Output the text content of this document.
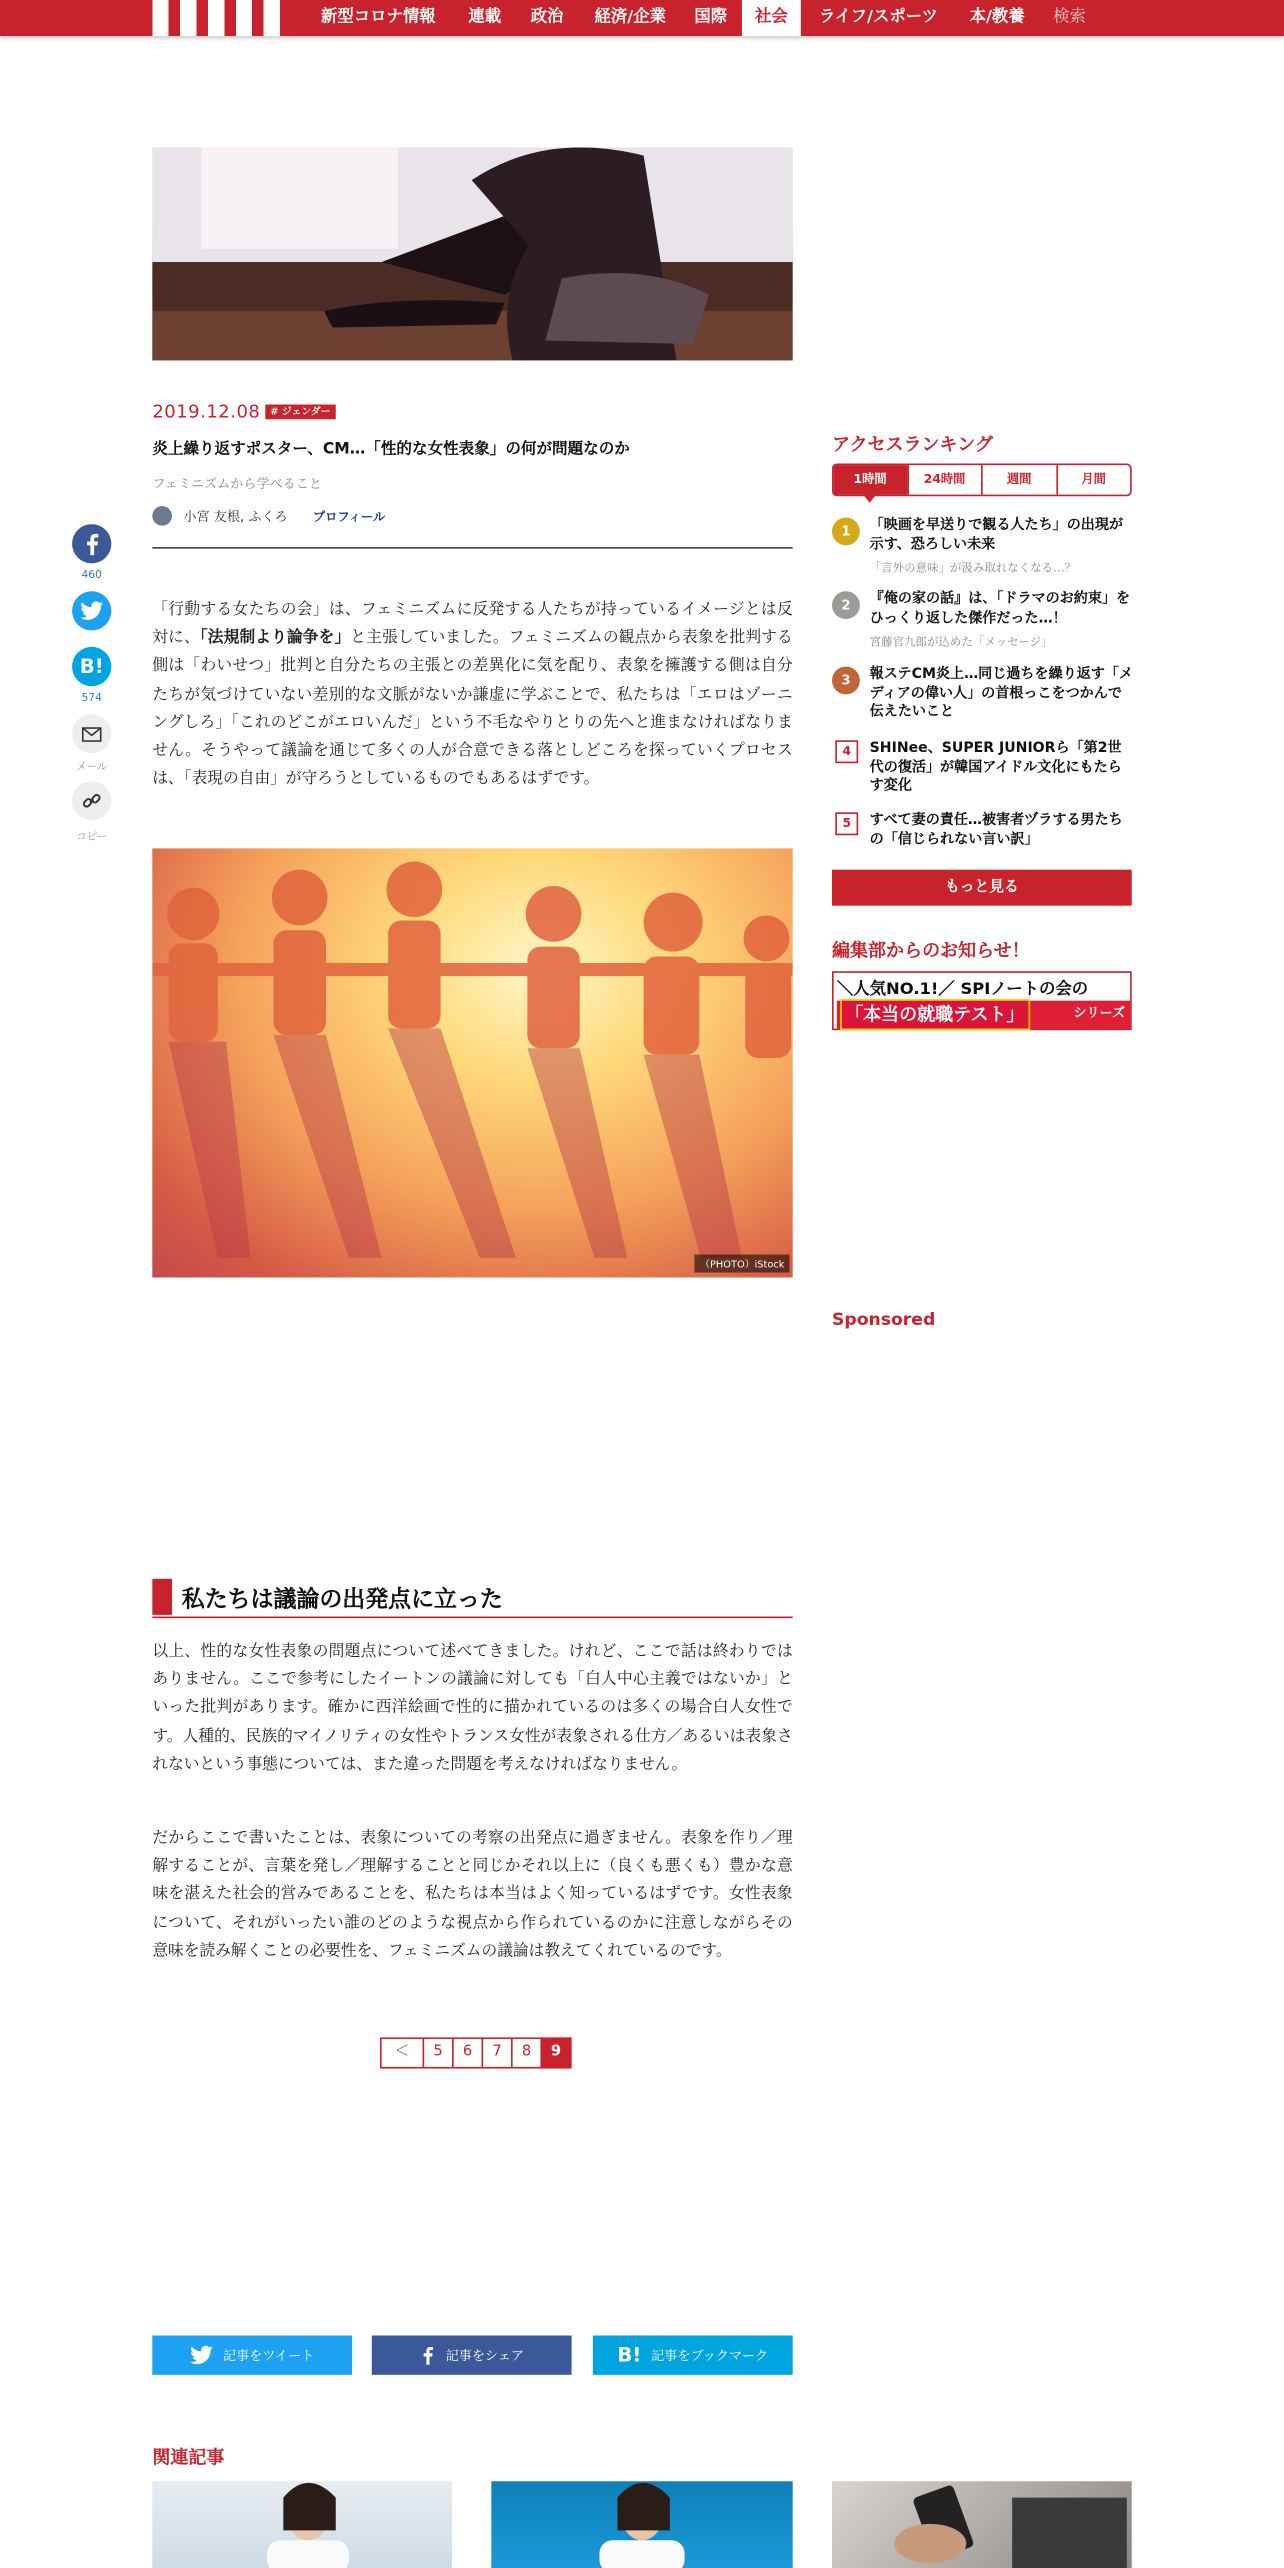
新型コロナ情報	連載	政治	経済/企業	国際	社会	ライフ/スポーツ	本/教養	検索
2019.12.08	# ジェンダー
炎上繰り返すポスター、CM…「性的な女性表象」の何が問題なのか
フェミニズムから学べること
小宮 友根, ふくろ	プロフィール
460
B!
574
メール
コピー

「行動する女たちの会」は、フェミニズムに反発する人たちが持っているイメージとは反対に、「法規制より論争を」と主張していました。フェミニズムの観点から表象を批判する側は「わいせつ」批判と自分たちの主張との差異化に気を配り、表象を擁護する側は自分たちが気づけていない差別的な文脈がないか謙虚に学ぶことで、私たちは「エロはゾーニングしろ」「これのどこがエロいんだ」という不毛なやりとりの先へと進まなければなりません。そうやって議論を通じて多くの人が合意できる落としどころを探っていくプロセスは、「表現の自由」が守ろうとしているものでもあるはずです。

（PHOTO）iStock
私たちは議論の出発点に立った

以上、性的な女性表象の問題点について述べてきました。けれど、ここで話は終わりではありません。ここで参考にしたイートンの議論に対しても「白人中心主義ではないか」といった批判があります。確かに西洋絵画で性的に描かれているのは多くの場合白人女性です。人種的、民族的マイノリティの女性やトランス女性が表象される仕方／あるいは表象されないという事態については、また違った問題を考えなければなりません。

だからここで書いたことは、表象についての考察の出発点に過ぎません。表象を作り／理解することが、言葉を発し／理解することと同じかそれ以上に（良くも悪くも）豊かな意味を湛えた社会的営みであることを、私たちは本当はよく知っているはずです。女性表象について、それがいったい誰のどのような視点から作られているのかに注意しながらその意味を読み解くことの必要性を、フェミニズムの議論は教えてくれているのです。

＜	5	6	7	8	9
記事をツイート	記事をシェア	B! 記事をブックマーク
関連記事
アクセスランキング
1時間	24時間	週間	月間
1	「映画を早送りで観る人たち」の出現が示す、恐ろしい未来
「言外の意味」が汲み取れなくなる…？
2	『俺の家の話』は、「ドラマのお約束」をひっくり返した傑作だった…！
宮藤官九郎が込めた「メッセージ」
3	報ステCM炎上…同じ過ちを繰り返す「メディアの偉い人」の首根っこをつかんで伝えたいこと
4	SHINee、SUPER JUNIORら「第2世代の復活」が韓国アイドル文化にもたらす変化
5	すべて妻の責任…被害者ヅラする男たちの「信じられない言い訳」
もっと見る
編集部からのお知らせ！
＼人気NO.1!／ SPIノートの会の
「本当の就職テスト」	シリーズ
Sponsored
